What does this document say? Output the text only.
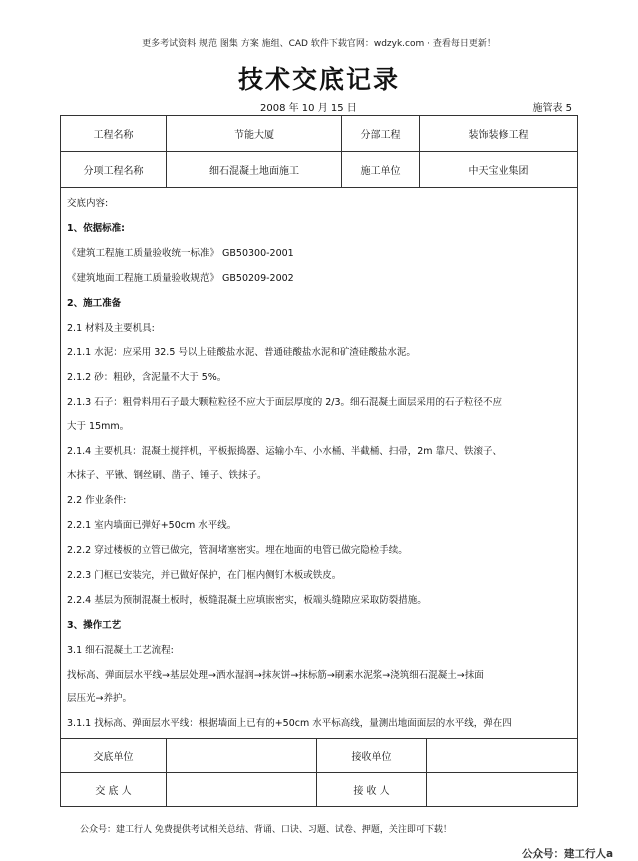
更多考试资料 规范 图集 方案 施组、CAD 软件下载官网：wdzyk.com · 查看每日更新！
技术交底记录
2008 年 10 月 15 日	施管表 5
工程名称	节能大厦	分部工程	装饰装修工程
分项工程名称	细石混凝土地面施工	施工单位	中天宝业集团
交底内容:
1、依据标准:
《建筑工程施工质量验收统一标准》 GB50300-2001
《建筑地面工程施工质量验收规范》 GB50209-2002
2、施工准备
2.1 材料及主要机具:
2.1.1 水泥：应采用 32.5 号以上硅酸盐水泥、普通硅酸盐水泥和矿渣硅酸盐水泥。
2.1.2 砂：粗砂，含泥量不大于 5%。
2.1.3 石子：粗骨料用石子最大颗粒粒径不应大于面层厚度的 2/3。细石混凝土面层采用的石子粒径不应
大于 15mm。
2.1.4 主要机具：混凝土搅拌机，平板振捣器、运输小车、小水桶、半截桶、扫帚，2m 靠尺、铁滚子、
木抹子、平锹、钢丝刷、凿子、锤子、铁抹子。
2.2 作业条件:
2.2.1 室内墙面已弹好+50cm 水平线。
2.2.2 穿过楼板的立管已做完，管洞堵塞密实。埋在地面的电管已做完隐检手续。
2.2.3 门框已安装完，并已做好保护，在门框内侧钉木板或铁皮。
2.2.4 基层为预制混凝土板时，板缝混凝土应填嵌密实，板端头缝隙应采取防裂措施。
3、操作工艺
3.1 细石混凝土工艺流程:
找标高、弹面层水平线→基层处理→洒水湿润→抹灰饼→抹标筋→刷素水泥浆→浇筑细石混凝土→抹面
层压光→养护。
3.1.1 找标高、弹面层水平线：根据墙面上已有的+50cm 水平标高线，量测出地面面层的水平线，弹在四
交底单位	接收单位
交 底 人	接 收 人
公众号：建工行人 免费提供考试相关总结、背诵、口诀、习题、试卷、押题，关注即可下载！
公众号：建工行人a
